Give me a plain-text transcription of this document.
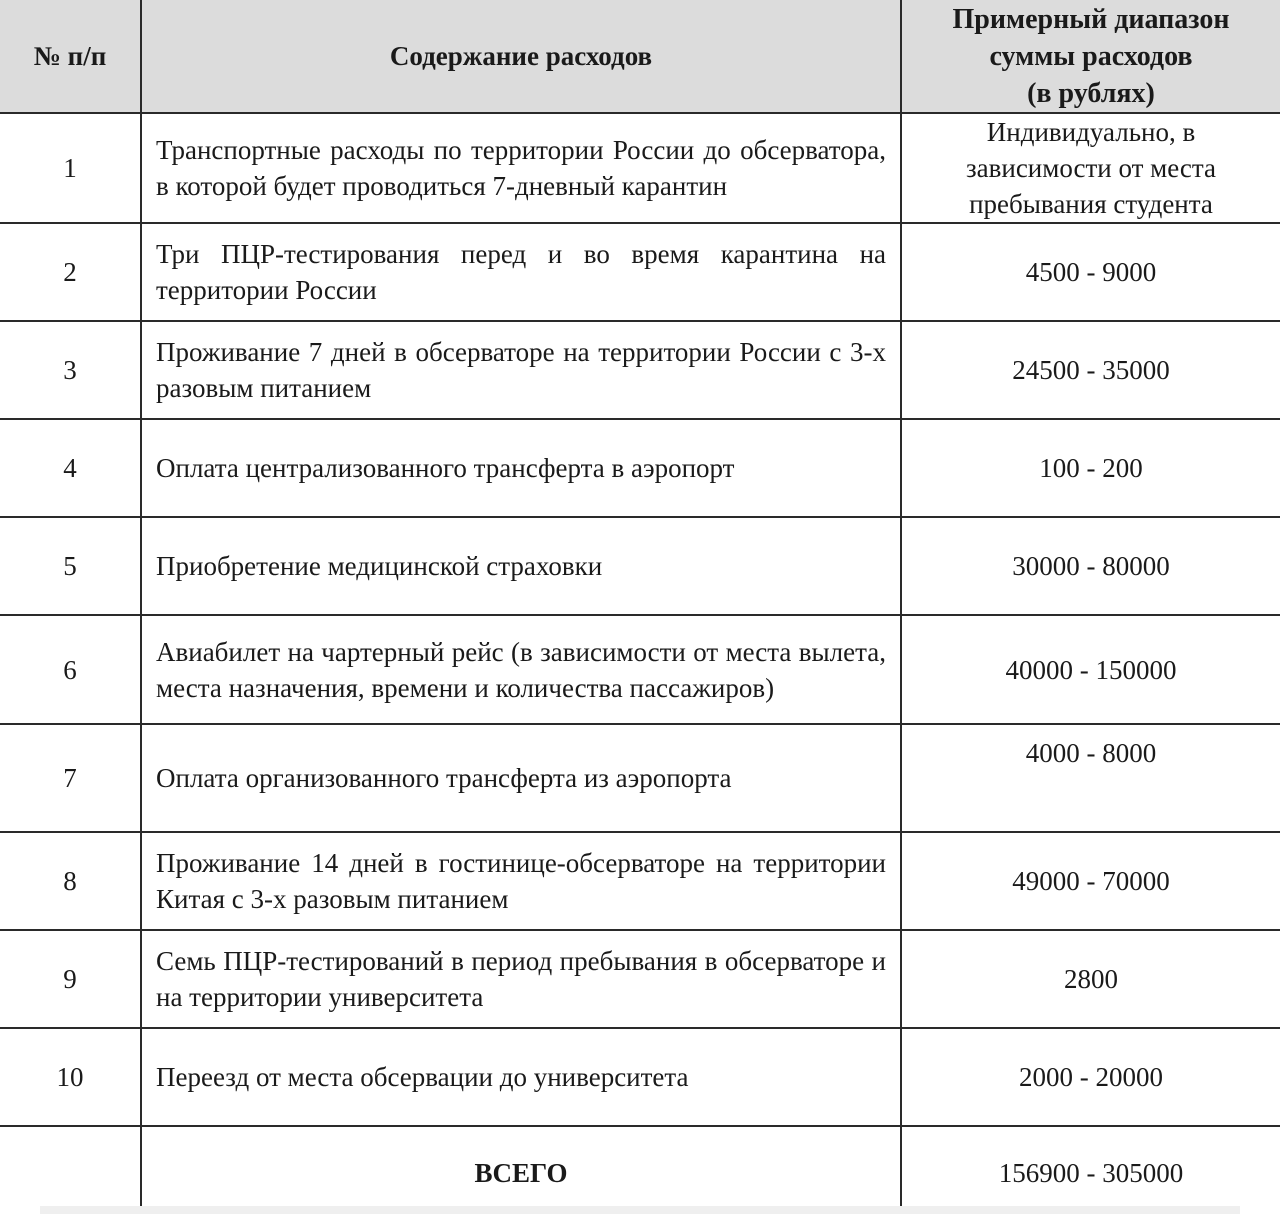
№ п/п	Содержание расходов	Примерный диапазон
суммы расходов
(в рублях)

1	Транспортные расходы по территории России до обсерватора, в которой будет проводиться 7-дневный карантин	Индивидуально, в зависимости от места пребывания студента
2	Три ПЦР-тестирования перед и во время карантина на территории России	4500 - 9000
3	Проживание 7 дней в обсерваторе на территории России с 3-х разовым питанием	24500 - 35000
4	Оплата централизованного трансферта в аэропорт	100 - 200
5	Приобретение медицинской страховки	30000 - 80000
6	Авиабилет на чартерный рейс (в зависимости от места вылета, места назначения, времени и количества пассажиров)	40000 - 150000
7	Оплата организованного трансферта из аэропорта	4000 - 8000
8	Проживание 14 дней в гостинице-обсерваторе на территории Китая с 3-х разовым питанием	49000 - 70000
9	Семь ПЦР-тестирований в период пребывания в обсерваторе и на территории университета	2800
10	Переезд от места обсервации до университета	2000 - 20000
	ВСЕГО	156900 - 305000
